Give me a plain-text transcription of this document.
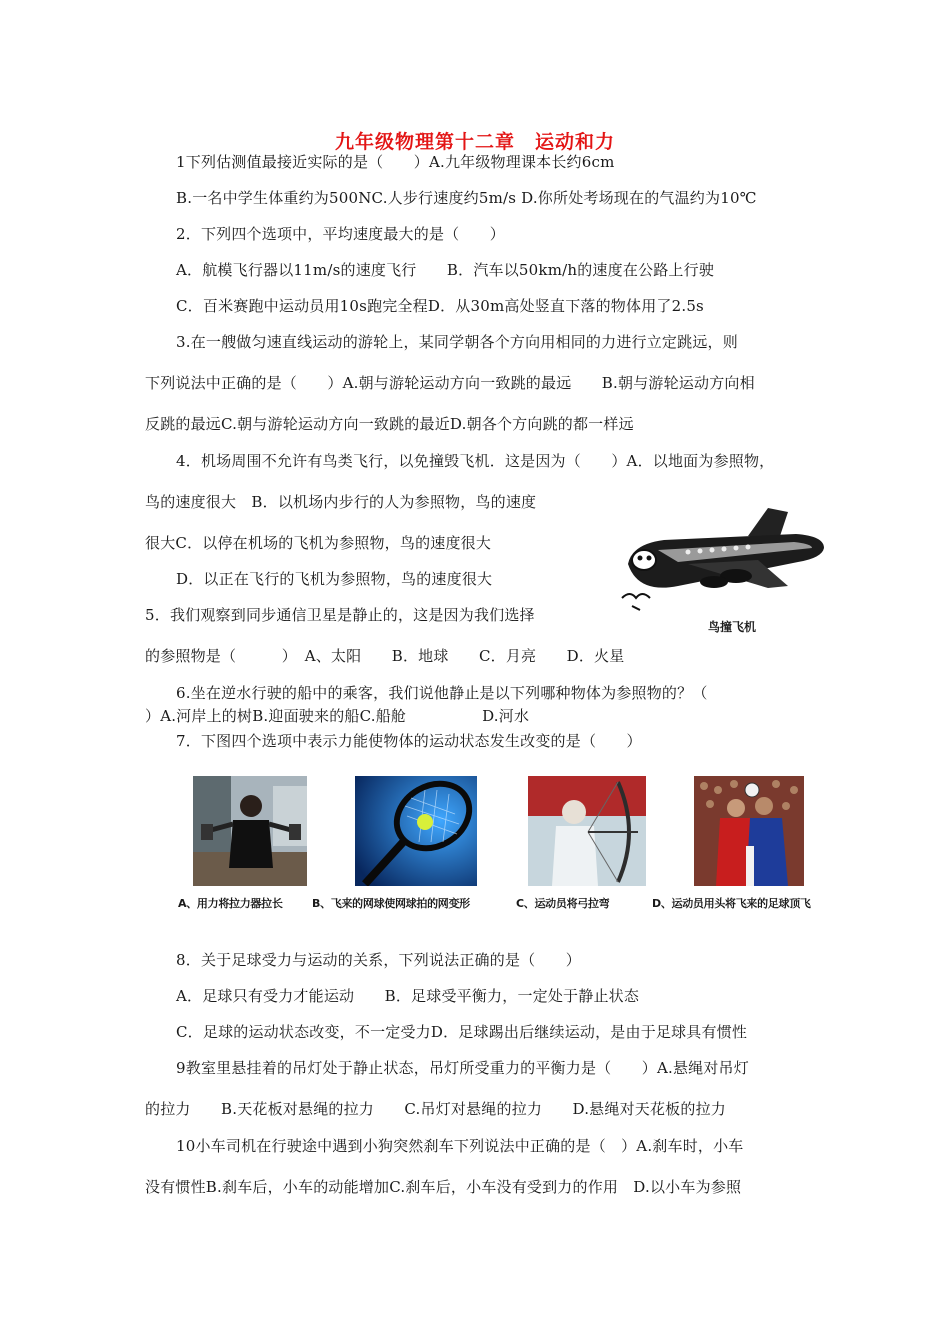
九年级物理第十二章　运动和力
1下列估测值最接近实际的是（　　）A.九年级物理课本长约6cm
B.一名中学生体重约为500NC.人步行速度约5m/s D.你所处考场现在的气温约为10℃
2．下列四个选项中，平均速度最大的是（　　）
A．航模飞行器以11m/s的速度飞行　　B．汽车以50km/h的速度在公路上行驶
C．百米赛跑中运动员用10s跑完全程D．从30m高处竖直下落的物体用了2.5s
3.在一艘做匀速直线运动的游轮上，某同学朝各个方向用相同的力进行立定跳远，则
下列说法中正确的是（　　）A.朝与游轮运动方向一致跳的最远　　B.朝与游轮运动方向相
反跳的最远C.朝与游轮运动方向一致跳的最近D.朝各个方向跳的都一样远
4．机场周围不允许有鸟类飞行，以免撞毁飞机．这是因为（　　）A．以地面为参照物，
鸟的速度很大　B．以机场内步行的人为参照物，鸟的速度
很大C．以停在机场的飞机为参照物，鸟的速度很大
D．以正在飞行的飞机为参照物，鸟的速度很大
5．我们观察到同步通信卫星是静止的，这是因为我们选择
的参照物是（　　　）　A、太阳　　B．地球　　C．月亮　　D．火星
6.坐在逆水行驶的船中的乘客，我们说他静止是以下列哪种物体为参照物的？（
）A.河岸上的树B.迎面驶来的船C.船舱　　　　　D.河水
7．下图四个选项中表示力能使物体的运动状态发生改变的是（　　）
8．关于足球受力与运动的关系，下列说法正确的是（　　）
A．足球只有受力才能运动　　B．足球受平衡力，一定处于静止状态
C．足球的运动状态改变，不一定受力D．足球踢出后继续运动，是由于足球具有惯性
9教室里悬挂着的吊灯处于静止状态，吊灯所受重力的平衡力是（　　）A.悬绳对吊灯
的拉力　　B.天花板对悬绳的拉力　　C.吊灯对悬绳的拉力　　D.悬绳对天花板的拉力
10小车司机在行驶途中遇到小狗突然刹车下列说法中正确的是（　）A.刹车时，小车
没有惯性B.刹车后，小车的动能增加C.刹车后，小车没有受到力的作用　D.以小车为参照
鸟撞飞机
A、用力将拉力器拉长	B、飞来的网球使网球拍的网变形	C、运动员将弓拉弯	D、运动员用头将飞来的足球顶飞
